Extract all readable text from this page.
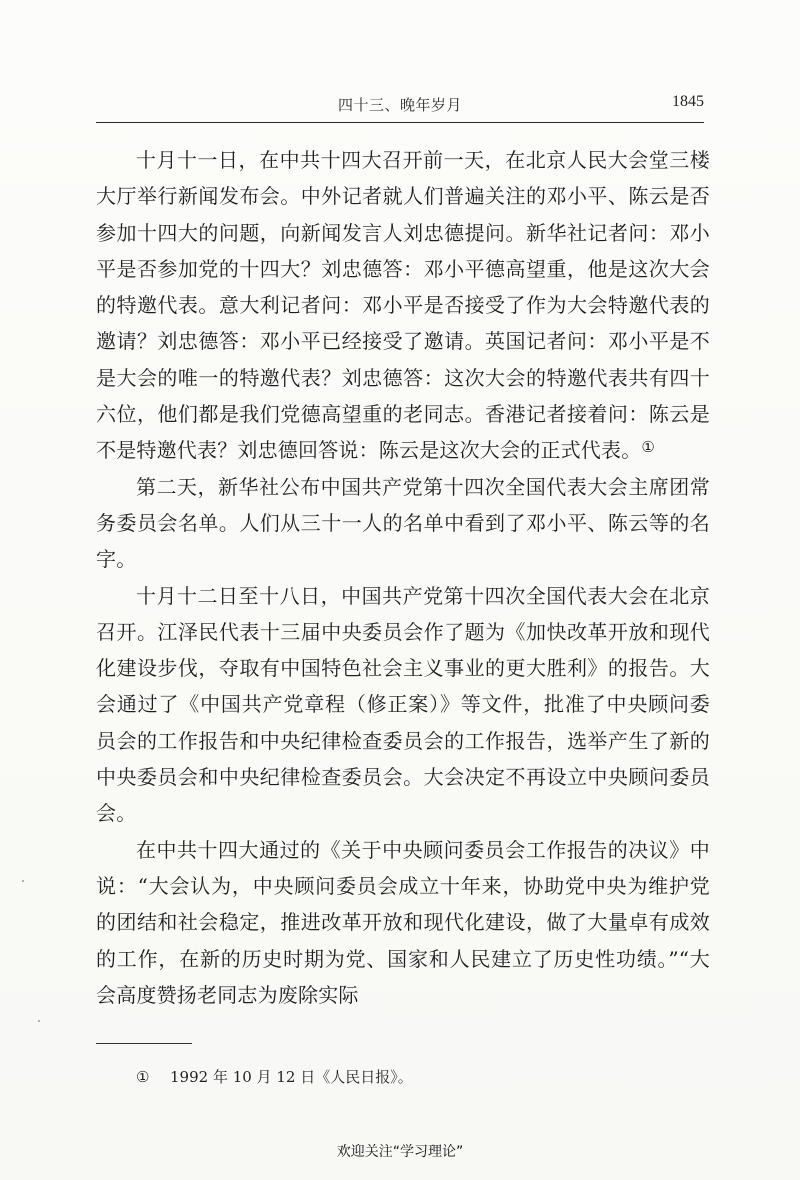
四十三、晚年岁月	1845

十月十一日，在中共十四大召开前一天，在北京人民大会堂三楼大厅举行新闻发布会。中外记者就人们普遍关注的邓小平、陈云是否参加十四大的问题，向新闻发言人刘忠德提问。新华社记者问：邓小平是否参加党的十四大？刘忠德答：邓小平德高望重，他是这次大会的特邀代表。意大利记者问：邓小平是否接受了作为大会特邀代表的邀请？刘忠德答：邓小平已经接受了邀请。英国记者问：邓小平是不是大会的唯一的特邀代表？刘忠德答：这次大会的特邀代表共有四十六位，他们都是我们党德高望重的老同志。香港记者接着问：陈云是不是特邀代表？刘忠德回答说：陈云是这次大会的正式代表。①

第二天，新华社公布中国共产党第十四次全国代表大会主席团常务委员会名单。人们从三十一人的名单中看到了邓小平、陈云等的名字。

十月十二日至十八日，中国共产党第十四次全国代表大会在北京召开。江泽民代表十三届中央委员会作了题为《加快改革开放和现代化建设步伐，夺取有中国特色社会主义事业的更大胜利》的报告。大会通过了《中国共产党章程（修正案）》等文件，批准了中央顾问委员会的工作报告和中央纪律检查委员会的工作报告，选举产生了新的中央委员会和中央纪律检查委员会。大会决定不再设立中央顾问委员会。

在中共十四大通过的《关于中央顾问委员会工作报告的决议》中说：“大会认为，中央顾问委员会成立十年来，协助党中央为维护党的团结和社会稳定，推进改革开放和现代化建设，做了大量卓有成效的工作，在新的历史时期为党、国家和人民建立了历史性功绩。”“大会高度赞扬老同志为废除实际

① 1992 年 10 月 12 日《人民日报》。
欢迎关注“学习理论”
